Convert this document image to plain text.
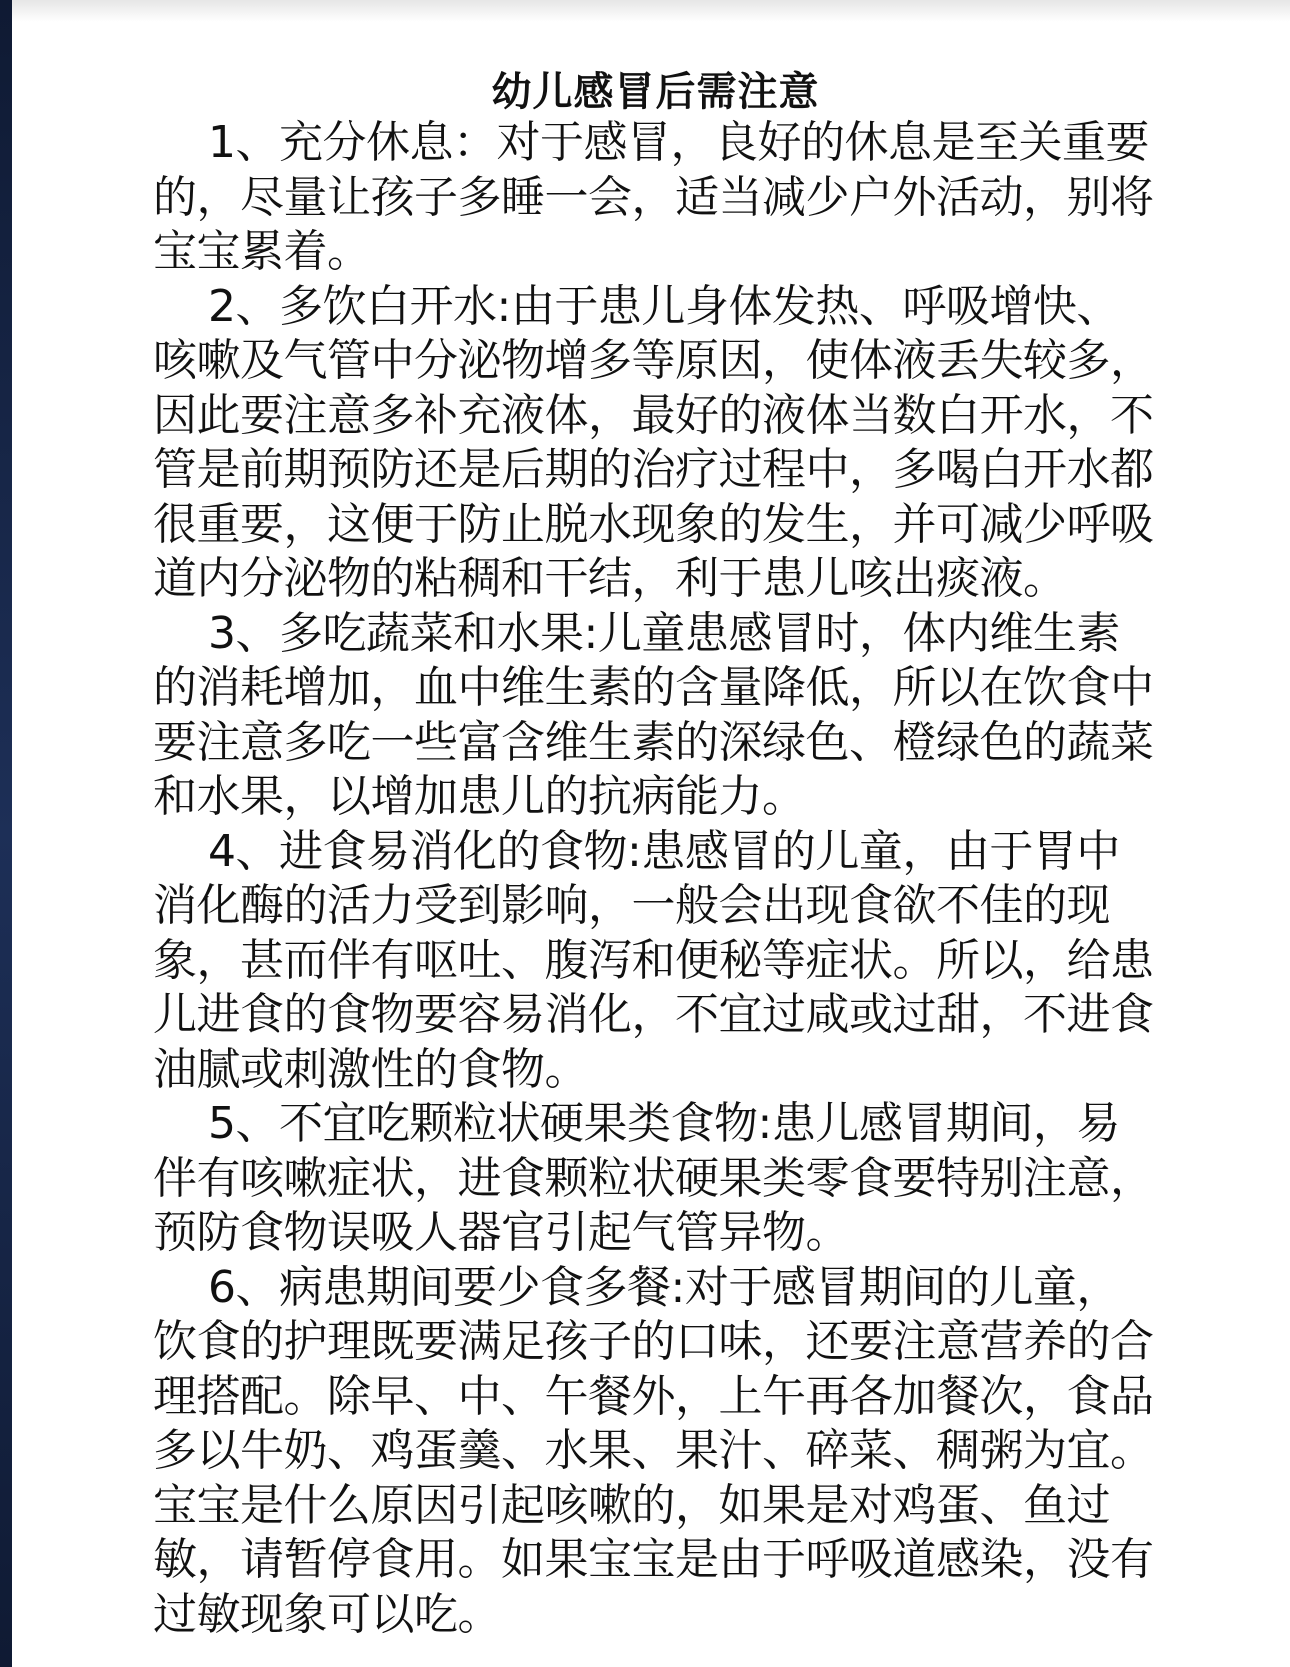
幼儿感冒后需注意

1、充分休息：对于感冒，良好的休息是至关重要的，尽量让孩子多睡一会，适当减少户外活动，别将宝宝累着。

2、多饮白开水:由于患儿身体发热、呼吸增快、咳嗽及气管中分泌物增多等原因，使体液丢失较多，因此要注意多补充液体，最好的液体当数白开水，不管是前期预防还是后期的治疗过程中，多喝白开水都很重要，这便于防止脱水现象的发生，并可减少呼吸道内分泌物的粘稠和干结，利于患儿咳出痰液。

3、多吃蔬菜和水果:儿童患感冒时，体内维生素的消耗增加，血中维生素的含量降低，所以在饮食中要注意多吃一些富含维生素的深绿色、橙绿色的蔬菜和水果，以增加患儿的抗病能力。

4、进食易消化的食物:患感冒的儿童，由于胃中消化酶的活力受到影响，一般会出现食欲不佳的现象，甚而伴有呕吐、腹泻和便秘等症状。所以，给患儿进食的食物要容易消化，不宜过咸或过甜，不进食油腻或刺激性的食物。

5、不宜吃颗粒状硬果类食物:患儿感冒期间，易伴有咳嗽症状，进食颗粒状硬果类零食要特别注意，预防食物误吸人器官引起气管异物。

6、病患期间要少食多餐:对于感冒期间的儿童，饮食的护理既要满足孩子的口味，还要注意营养的合理搭配。除早、中、午餐外，上午再各加餐次，食品多以牛奶、鸡蛋羹、水果、果汁、碎菜、稠粥为宜。宝宝是什么原因引起咳嗽的，如果是对鸡蛋、鱼过敏，请暂停食用。如果宝宝是由于呼吸道感染，没有过敏现象可以吃。
